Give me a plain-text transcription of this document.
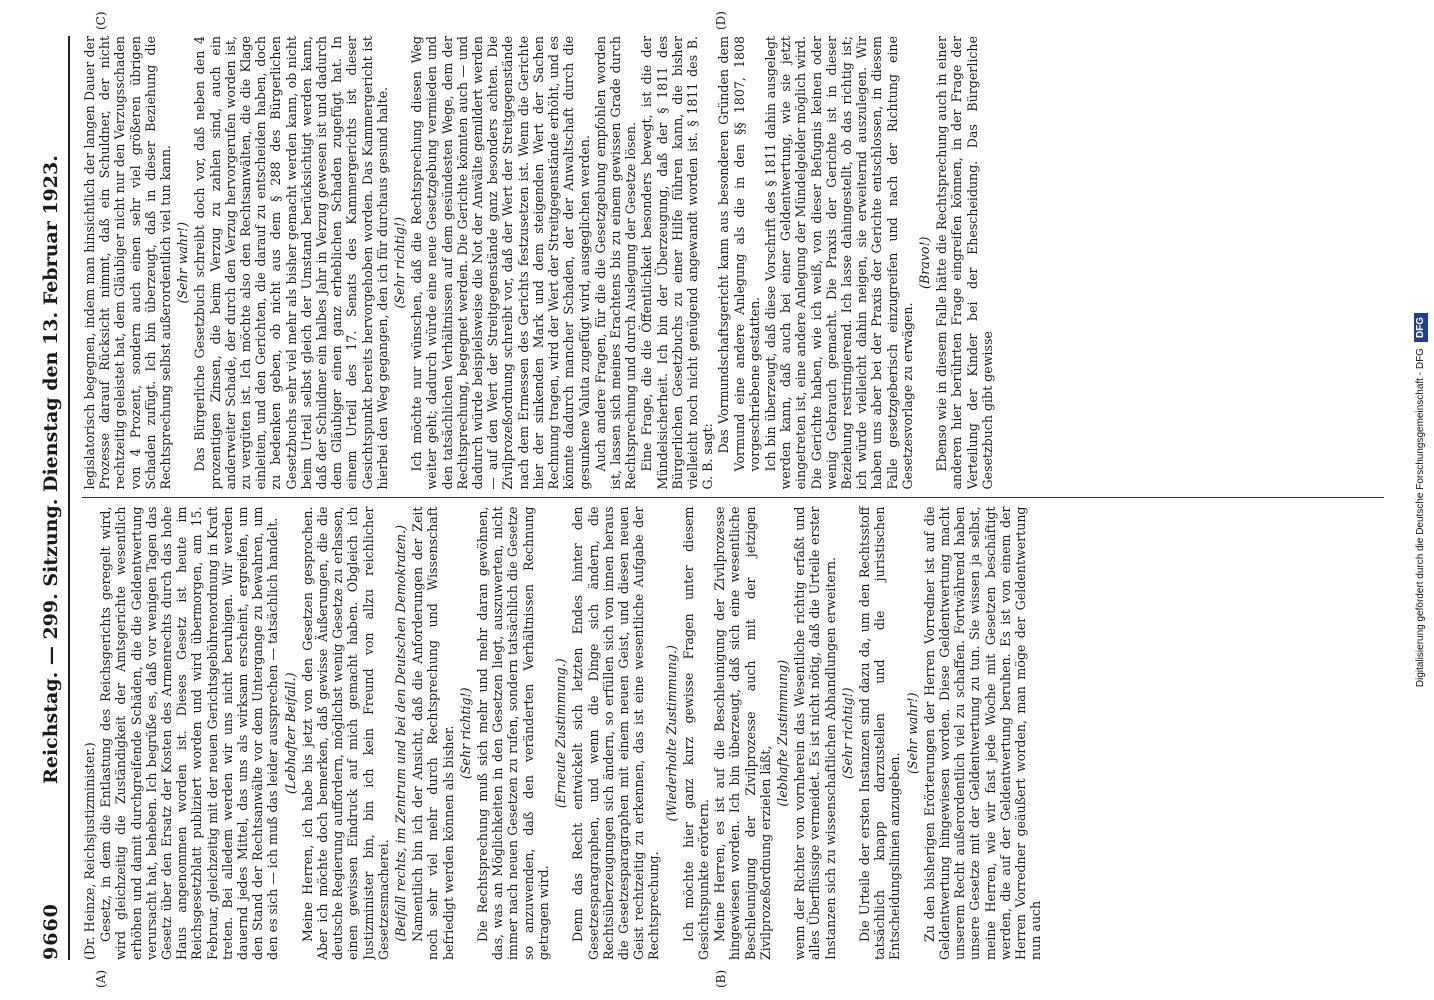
9660
Reichstag. — 299. Sitzung. Dienstag den 13. Februar 1923.

(Dr. Heinze, Reichsjustizminister.) Gesetz, in dem die Entlastung des Reichsgerichts geregelt wird, wird gleichzeitig die Zuständigkeit der Amtsgerichte wesentlich erhöhen und damit durchgreifende Schäden, die die Geldentwertung verursacht hat, beheben. Ich begrüße es, daß vor wenigen Tagen das Gesetz über den Ersatz der Kosten des Armenrechts durch das hohe Haus angenommen worden ist. Dieses Gesetz ist heute im Reichsgesetzblatt publiziert worden und wird übermorgen, am 15. Februar, gleichzeitig mit der neuen Gerichtsgebührenordnung in Kraft treten. Bei alledem werden wir uns nicht beruhigen. Wir werden dauernd jedes Mittel, das uns als wirksam erscheint, ergreifen, um den Stand der Rechtsanwälte vor dem Untergange zu bewahren, um den es sich — ich muß das leider aussprechen — tatsächlich handelt. (Lebhafter Beifall.) Meine Herren, ich habe bis jetzt von den Gesetzen gesprochen. Aber ich möchte doch bemerken, daß gewisse Äußerungen, die die deutsche Regierung auffordern, möglichst wenig Gesetze zu erlassen, einen gewissen Eindruck auf mich gemacht haben. Obgleich ich Justizminister bin, bin ich kein Freund von allzu reichlicher Gesetzesmacherei. (Beifall rechts, im Zentrum und bei den Deutschen Demokraten.) Namentlich bin ich der Ansicht, daß die Anforderungen der Zeit noch sehr viel mehr durch Rechtsprechung und Wissenschaft befriedigt werden können als bisher. (Sehr richtig!) Die Rechtsprechung muß sich mehr und mehr daran gewöhnen, das, was an Möglichkeiten in den Gesetzen liegt, auszuwerten, nicht immer nach neuen Gesetzen zu rufen, sondern tatsächlich die Gesetze so anzuwenden, daß den veränderten Verhältnissen Rechnung getragen wird.

(Erneute Zustimmung.) Denn das Recht entwickelt sich letzten Endes hinter den Gesetzesparagraphen, und wenn die Dinge sich ändern, die Rechtsüberzeugungen sich ändern, so erfüllen sich von innen heraus die Gesetzesparagraphen mit einem neuen Geist, und diesen neuen Geist rechtzeitig zu erkennen, das ist eine wesentliche Aufgabe der Rechtsprechung.

(Wiederholte Zustimmung.) Ich möchte hier ganz kurz gewisse Fragen unter diesem Gesichtspunkte erörtern. Meine Herren, es ist auf die Beschleunigung der Zivilprozesse hingewiesen worden. Ich bin überzeugt, daß sich eine wesentliche Beschleunigung der Zivilprozesse auch mit der jetzigen Zivilprozeßordnung erzielen läßt,

(lebhafte Zustimmung) wenn der Richter von vornherein das Wesentliche richtig erfaßt und alles Überflüssige vermeidet. Es ist nicht nötig, daß die Urteile erster Instanzen sich zu wissenschaftlichen Abhandlungen erweitern. (Sehr richtig!) Die Urteile der ersten Instanzen sind dazu da, um den Rechtsstoff tatsächlich knapp darzustellen und die juristischen Entscheidungslinien anzugeben.

(Sehr wahr!) Zu den bisherigen Erörterungen der Herren Vorredner ist auf die Geldentwertung hingewiesen worden. Diese Geldentwertung macht unserem Recht außerordentlich viel zu schaffen. Fortwährend haben unsere Gesetze mit der Geldentwertung zu tun. Sie wissen ja selbst, meine Herren, wie wir fast jede Woche mit Gesetzen beschäftigt werden, die auf der Geldentwertung beruhen. Es ist von einem der Herren Vorredner geäußert worden, man möge der Geldentwertung nun auch

legislatorisch begegnen, indem man hinsichtlich der langen Dauer der Prozesse darauf Rücksicht nimmt, daß ein Schuldner, der nicht rechtzeitig geleistet hat, dem Gläubiger nicht nur den Verzugsschaden von 4 Prozent, sondern auch einen sehr viel größeren übrigen Schaden zufügt. Ich bin überzeugt, daß in dieser Beziehung die Rechtsprechung selbst außerordentlich viel tun kann. (Sehr wahr!) Das Bürgerliche Gesetzbuch schreibt doch vor, daß neben den 4 prozentigen Zinsen, die beim Verzug zu zahlen sind, auch ein anderweiter Schade, der durch den Verzug hervorgerufen worden ist, zu vergüten ist. Ich möchte also den Rechtsanwälten, die die Klage einleiten, und den Gerichten, die darauf zu entscheiden haben, doch zu bedenken geben, ob nicht aus dem § 288 des Bürgerlichen Gesetzbuchs sehr viel mehr als bisher gemacht werden kann, ob nicht beim Urteil selbst gleich der Umstand berücksichtigt werden kann, daß der Schuldner ein halbes Jahr in Verzug gewesen ist und dadurch dem Gläubiger einen ganz erheblichen Schaden zugefügt hat. In einem Urteil des 17. Senats des Kammergerichts ist dieser Gesichtspunkt bereits hervorgehoben worden. Das Kammergericht ist hierbei den Weg gegangen, den ich für durchaus gesund halte. (Sehr richtig!) Ich möchte nur wünschen, daß die Rechtsprechung diesen Weg weiter geht; dadurch würde eine neue Gesetzgebung vermieden und den tatsächlichen Verhältnissen auf dem gesündesten Wege, dem der Rechtsprechung, begegnet werden. Die Gerichte könnten auch — und dadurch würde beispielsweise die Not der Anwälte gemildert werden — auf den Wert der Streitgegenstände ganz besonders achten. Die Zivilprozeßordnung schreibt vor, daß der Wert der Streitgegenstände nach dem Ermessen des Gerichts festzusetzen ist. Wenn die Gerichte hier der sinkenden Mark und dem steigenden Wert der Sachen Rechnung tragen, wird der Wert der Streitgegenstände erhöht, und es könnte dadurch mancher Schaden, der der Anwaltschaft durch die gesunkene Valuta zugefügt wird, ausgeglichen werden. Auch andere Fragen, für die die Gesetzgebung empfohlen worden ist, lassen sich meines Erachtens bis zu einem gewissen Grade durch Rechtsprechung und durch Auslegung der Gesetze lösen. Eine Frage, die die Öffentlichkeit besonders bewegt, ist die der Mündelsicherheit. Ich bin der Überzeugung, daß der § 1811 des Bürgerlichen Gesetzbuchs zu einer Hilfe führen kann, die bisher vielleicht noch nicht genügend angewandt worden ist. § 1811 des B. G. B. sagt:

Das Vormundschaftsgericht kann aus besonderen Gründen dem Vormund eine andere Anlegung als die in den §§ 1807, 1808 vorgeschriebene gestatten. Ich bin überzeugt, daß diese Vorschrift des § 1811 dahin ausgelegt werden kann, daß auch bei einer Geldentwertung, wie sie jetzt eingetreten ist, eine andere Anlegung der Mündelgelder möglich wird. Die Gerichte haben, wie ich weiß, von dieser Befugnis keinen oder wenig Gebrauch gemacht. Die Praxis der Gerichte ist in dieser Beziehung restringierend. Ich lasse dahingestellt, ob das richtig ist; ich würde vielleicht dahin neigen, sie erweiternd auszulegen. Wir haben uns aber bei der Praxis der Gerichte entschlossen, in diesem Falle gesetzgeberisch einzugreifen und nach der Richtung eine Gesetzesvorlage zu erwägen.

(Bravo!) Ebenso wie in diesem Falle hätte die Rechtsprechung auch in einer anderen hier berührten Frage eingreifen können, in der Frage der Verteilung der Kinder bei der Ehescheidung. Das Bürgerliche Gesetzbuch gibt gewisse

(A)	(B)
(C)	(D)
Digitalisierung gefördert durch die Deutsche Forschungsgemeinschaft - DFGDFG
